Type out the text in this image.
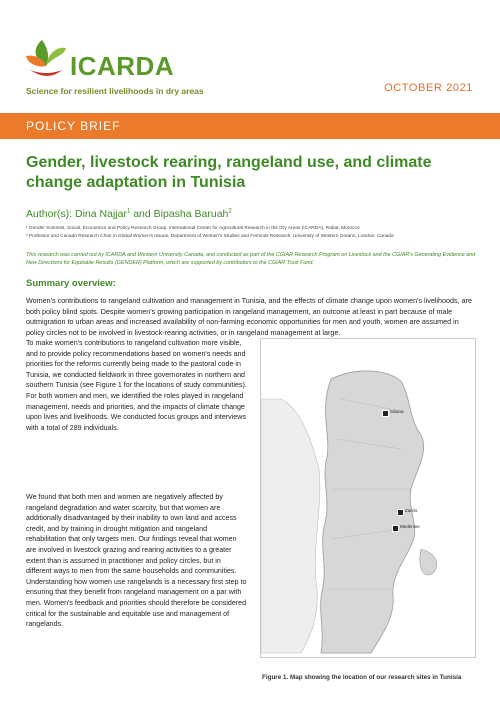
ICARDA
Science for resilient livelihoods in dry areas	OCTOBER 2021
POLICY BRIEF
Gender, livestock rearing, rangeland use, and climate change adaptation in Tunisia
Author(s): Dina Najjar$^1$ and Bipasha Baruah$^2$
¹ Gender Scientist, Social, Economics and Policy Research Group, International Center for Agricultural Research in the Dry Areas (ICARDA), Rabat, Morocco
² Professor and Canada Research Chair in Global Women's Issues, Department of Women's Studies and Feminist Research, University of Western Ontario, London, Canada
This research was carried out by ICARDA and Western University Canada, and conducted as part of the CGIAR Research Program on Livestock and the CGIAR's Generating Evidence and New Directions for Equitable Results (GENDER) Platform, which are supported by contributors to the CGIAR Trust Fund.
Summary overview:

Women's contributions to rangeland cultivation and management in Tunisia, and the effects of climate change upon women's livelihoods, are both policy blind spots. Despite women's growing participation in rangeland management, an outcome at least in part because of male outmigration to urban areas and increased availability of non-farming economic opportunities for men and youth, women are assumed in policy circles not to be involved in livestock-rearing activities, or in rangeland management at large.

To make women's contributions to rangeland cultivation more visible, and to provide policy recommendations based on women's needs and priorities for the reforms currently being made to the pastoral code in Tunisia, we conducted fieldwork in three governorates in northern and southern Tunisia (see Figure 1 for the locations of study communities). For both women and men, we identified the roles played in rangeland management, needs and priorities, and the impacts of climate change upon lives and livelihoods. We conducted focus groups and interviews with a total of 289 individuals.

We found that both men and women are negatively affected by rangeland degradation and water scarcity, but that women are additionally disadvantaged by their inability to own land and access credit, and by training in drought mitigation and rangeland rehabilitation that only targets men. Our findings reveal that women are involved in livestock grazing and rearing activities to a greater extent than is assumed in practitioner and policy circles, but in different ways to men from the same households and communities. Understanding how women use rangelands is a necessary first step to ensuring that they benefit from rangeland management on a par with men. Women's feedback and priorities should therefore be considered critical for the sustainable and equitable use and management of rangelands.

Siliana
Zarzis
Medenine
Figure 1. Map showing the location of our research sites in Tunisia
